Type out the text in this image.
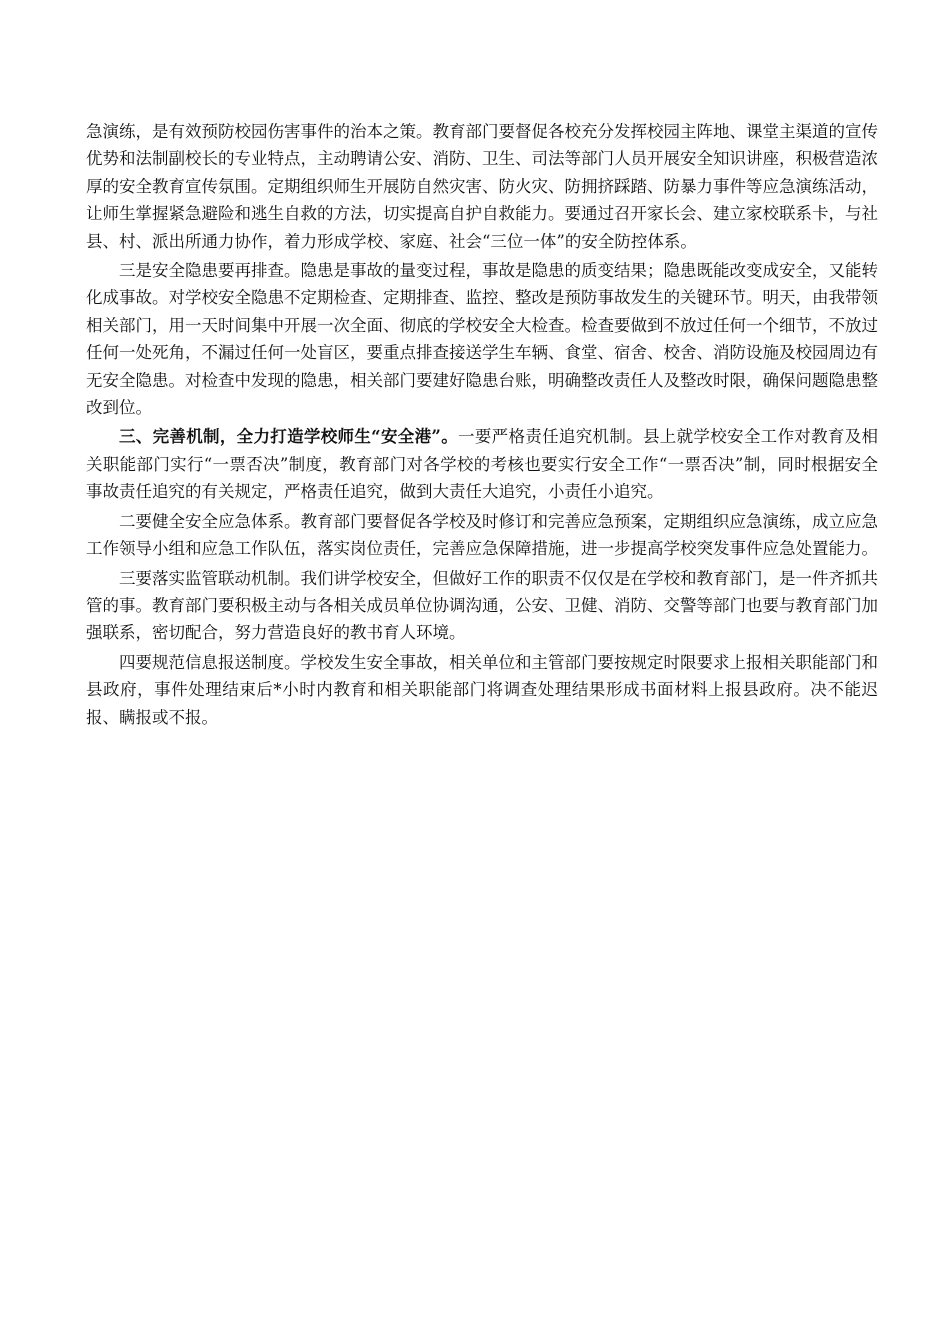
急演练，是有效预防校园伤害事件的治本之策。教育部门要督促各校充分发挥校园主阵地、课堂主渠道的宣传优势和法制副校长的专业特点，主动聘请公安、消防、卫生、司法等部门人员开展安全知识讲座，积极营造浓厚的安全教育宣传氛围。定期组织师生开展防自然灾害、防火灾、防拥挤踩踏、防暴力事件等应急演练活动，让师生掌握紧急避险和逃生自救的方法，切实提高自护自救能力。要通过召开家长会、建立家校联系卡，与社县、村、派出所通力协作，着力形成学校、家庭、社会“三位一体”的安全防控体系。

三是安全隐患要再排查。隐患是事故的量变过程，事故是隐患的质变结果；隐患既能改变成安全，又能转化成事故。对学校安全隐患不定期检查、定期排查、监控、整改是预防事故发生的关键环节。明天，由我带领相关部门，用一天时间集中开展一次全面、彻底的学校安全大检查。检查要做到不放过任何一个细节，不放过任何一处死角，不漏过任何一处盲区，要重点排查接送学生车辆、食堂、宿舍、校舍、消防设施及校园周边有无安全隐患。对检查中发现的隐患，相关部门要建好隐患台账，明确整改责任人及整改时限，确保问题隐患整改到位。

三、完善机制，全力打造学校师生“安全港”。一要严格责任追究机制。县上就学校安全工作对教育及相关职能部门实行“一票否决”制度，教育部门对各学校的考核也要实行安全工作“一票否决”制，同时根据安全事故责任追究的有关规定，严格责任追究，做到大责任大追究，小责任小追究。

二要健全安全应急体系。教育部门要督促各学校及时修订和完善应急预案，定期组织应急演练，成立应急工作领导小组和应急工作队伍，落实岗位责任，完善应急保障措施，进一步提高学校突发事件应急处置能力。

三要落实监管联动机制。我们讲学校安全，但做好工作的职责不仅仅是在学校和教育部门，是一件齐抓共管的事。教育部门要积极主动与各相关成员单位协调沟通，公安、卫健、消防、交警等部门也要与教育部门加强联系，密切配合，努力营造良好的教书育人环境。

四要规范信息报送制度。学校发生安全事故，相关单位和主管部门要按规定时限要求上报相关职能部门和县政府，事件处理结束后*小时内教育和相关职能部门将调查处理结果形成书面材料上报县政府。决不能迟报、瞒报或不报。
